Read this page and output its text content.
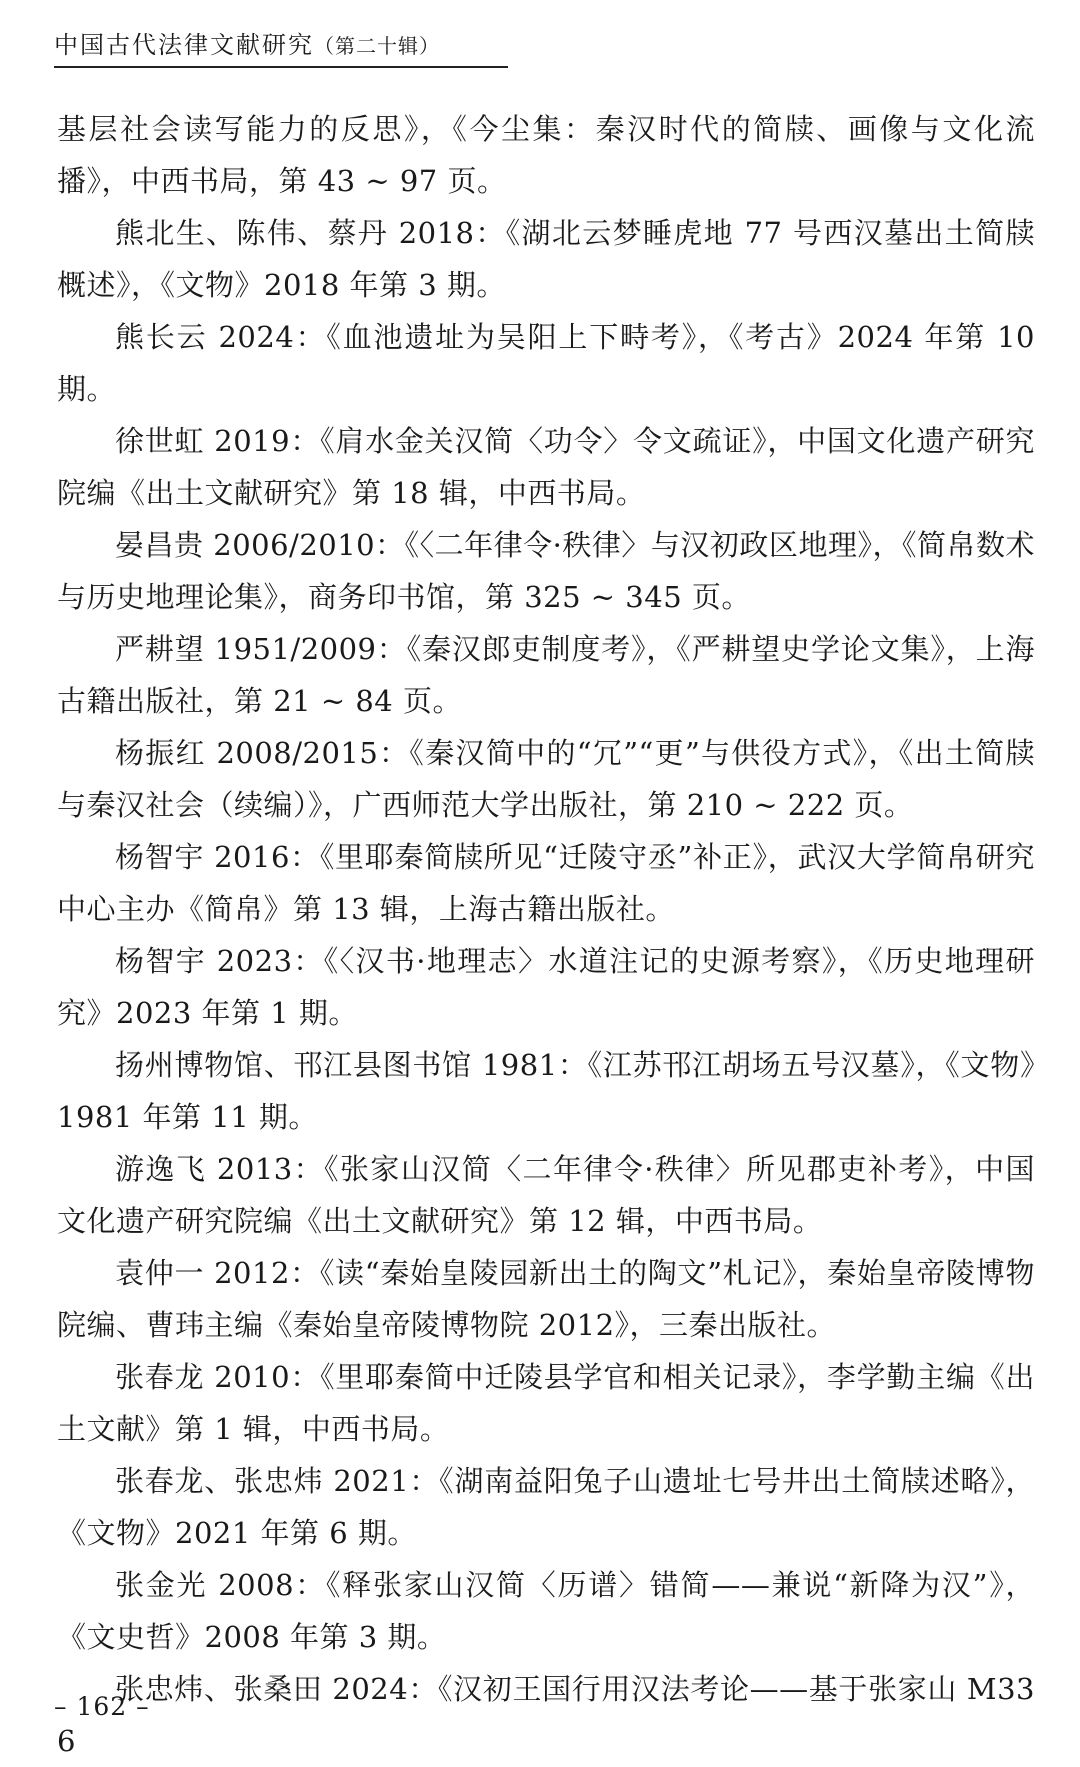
中国古代法律文献研究（第二十辑）

基层社会读写能力的反思》，《今尘集：秦汉时代的简牍、画像与文化流播》，中西书局，第 43 ~ 97 页。

熊北生、陈伟、蔡丹 2018：《湖北云梦睡虎地 77 号西汉墓出土简牍概述》，《文物》2018 年第 3 期。

熊长云 2024：《血池遗址为吴阳上下畤考》，《考古》2024 年第 10 期。

徐世虹 2019：《肩水金关汉简〈功令〉令文疏证》，中国文化遗产研究院编《出土文献研究》第 18 辑，中西书局。

晏昌贵 2006/2010：《〈二年律令·秩律〉与汉初政区地理》，《简帛数术与历史地理论集》，商务印书馆，第 325 ~ 345 页。

严耕望 1951/2009：《秦汉郎吏制度考》，《严耕望史学论文集》，上海古籍出版社，第 21 ~ 84 页。

杨振红 2008/2015：《秦汉简中的“冗”“更”与供役方式》，《出土简牍与秦汉社会（续编）》，广西师范大学出版社，第 210 ~ 222 页。

杨智宇 2016：《里耶秦简牍所见“迁陵守丞”补正》，武汉大学简帛研究中心主办《简帛》第 13 辑，上海古籍出版社。

杨智宇 2023：《〈汉书·地理志〉水道注记的史源考察》，《历史地理研究》2023 年第 1 期。

扬州博物馆、邗江县图书馆 1981：《江苏邗江胡场五号汉墓》，《文物》1981 年第 11 期。

游逸飞 2013：《张家山汉简〈二年律令·秩律〉所见郡吏补考》，中国文化遗产研究院编《出土文献研究》第 12 辑，中西书局。

袁仲一 2012：《读“秦始皇陵园新出土的陶文”札记》，秦始皇帝陵博物院编、曹玮主编《秦始皇帝陵博物院 2012》，三秦出版社。

张春龙 2010：《里耶秦简中迁陵县学官和相关记录》，李学勤主编《出土文献》第 1 辑，中西书局。

张春龙、张忠炜 2021：《湖南益阳兔子山遗址七号井出土简牍述略》，《文物》2021 年第 6 期。

张金光 2008：《释张家山汉简〈历谱〉错简——兼说“新降为汉”》，《文史哲》2008 年第 3 期。

张忠炜、张桑田 2024：《汉初王国行用汉法考论——基于张家山 M336

– 162 –
